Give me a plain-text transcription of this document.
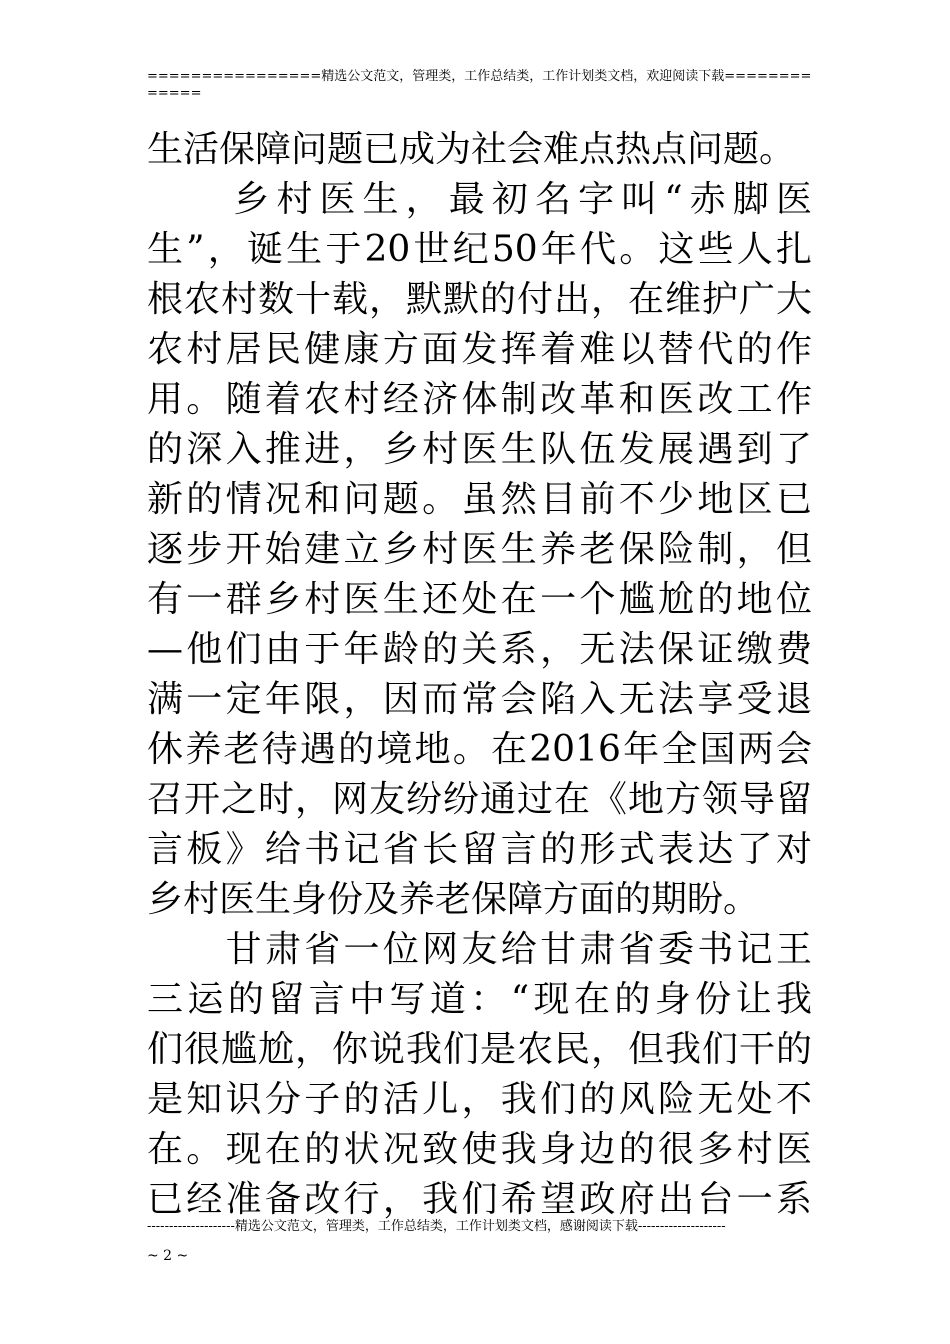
================精选公文范文，管理类，工作总结类，工作计划类文档，欢迎阅读下载=============
生活保障问题已成为社会难点热点问题。
　　乡村医生，最初名字叫“赤脚医
生”，诞生于20世纪50年代。这些人扎
根农村数十载，默默的付出，在维护广大
农村居民健康方面发挥着难以替代的作
用。随着农村经济体制改革和医改工作
的深入推进，乡村医生队伍发展遇到了
新的情况和问题。虽然目前不少地区已
逐步开始建立乡村医生养老保险制，但
有一群乡村医生还处在一个尴尬的地位
—他们由于年龄的关系，无法保证缴费
满一定年限，因而常会陷入无法享受退
休养老待遇的境地。在2016年全国两会
召开之时，网友纷纷通过在《地方领导留
言板》给书记省长留言的形式表达了对
乡村医生身份及养老保障方面的期盼。
　　甘肃省一位网友给甘肃省委书记王
三运的留言中写道：“现在的身份让我
们很尴尬，你说我们是农民，但我们干的
是知识分子的活儿，我们的风险无处不
在。现在的状况致使我身边的很多村医
已经准备改行，我们希望政府出台一系
--------------------精选公文范文，管理类，工作总结类，工作计划类文档，感谢阅读下载--------------------
~ 2 ~
